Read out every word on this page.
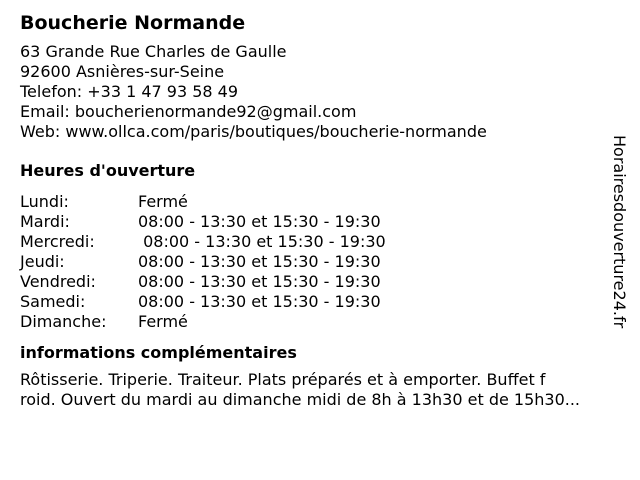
Boucherie Normande
63 Grande Rue Charles de Gaulle
92600 Asnières-sur-Seine
Telefon: +33 1 47 93 58 49
Email: boucherienormande92@gmail.com
Web: www.ollca.com/paris/boutiques/boucherie-normande
Heures d'ouverture
Lundi:	Fermé
Mardi:	08:00 - 13:30 et 15:30 - 19:30
Mercredi:	08:00 - 13:30 et 15:30 - 19:30
Jeudi:	08:00 - 13:30 et 15:30 - 19:30
Vendredi:	08:00 - 13:30 et 15:30 - 19:30
Samedi:	08:00 - 13:30 et 15:30 - 19:30
Dimanche:	Fermé
informations complémentaires
Rôtisserie. Triperie. Traiteur. Plats préparés et à emporter. Buffet f
roid. Ouvert du mardi au dimanche midi de 8h à 13h30 et de 15h30...
Horairesdouverture24.fr
